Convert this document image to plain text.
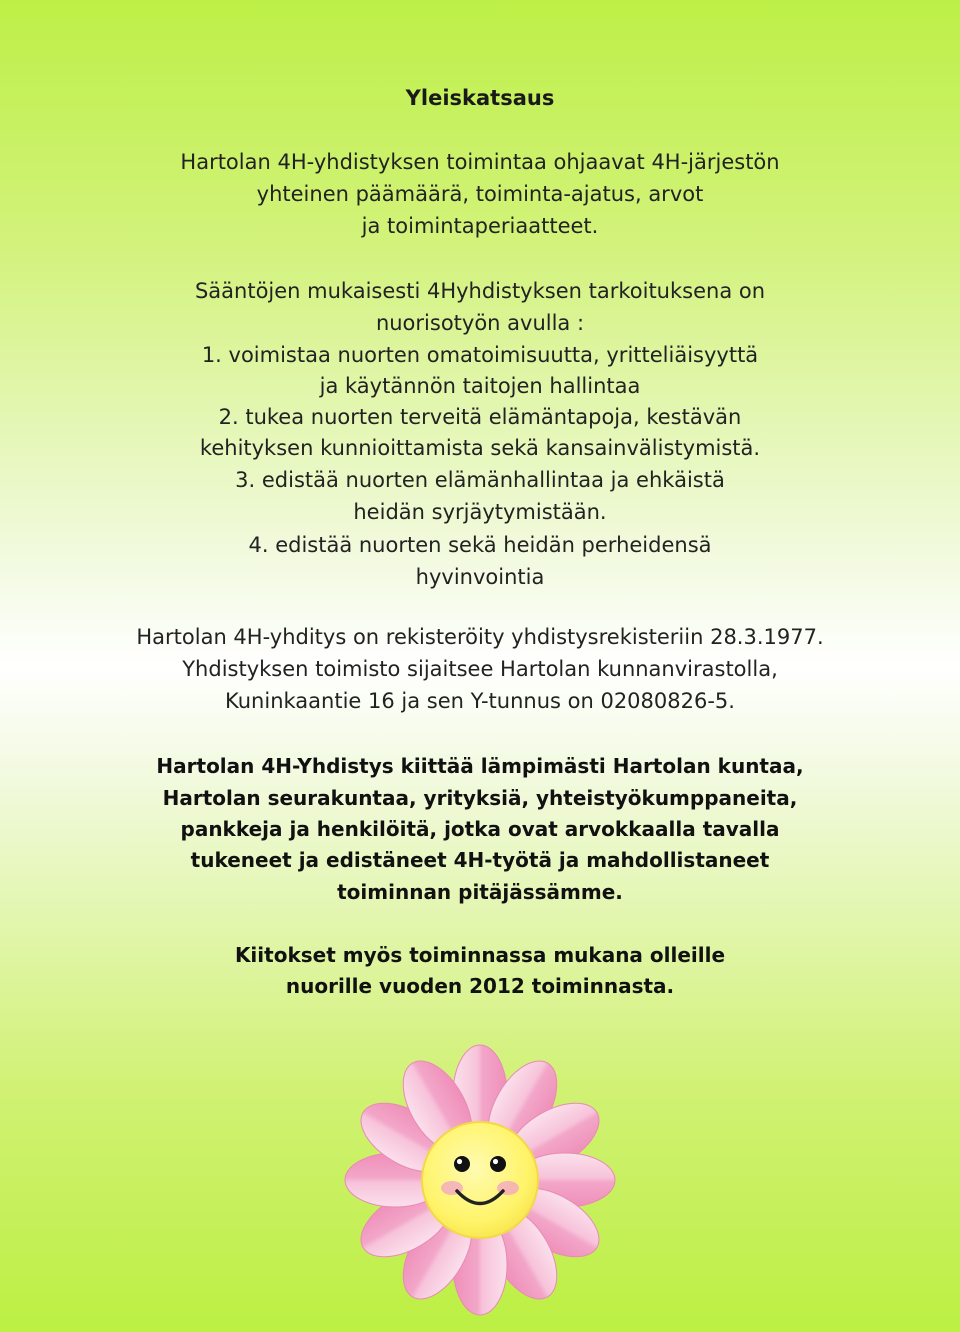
Yleiskatsaus

Hartolan 4H-yhdistyksen toimintaa ohjaavat 4H-järjestön

yhteinen päämäärä, toiminta-ajatus, arvot

ja toimintaperiaatteet.

Sääntöjen mukaisesti 4Hyhdistyksen tarkoituksena on

nuorisotyön avulla :

1. voimistaa nuorten omatoimisuutta, yritteliäisyyttä

ja käytännön taitojen hallintaa

2. tukea nuorten terveitä elämäntapoja, kestävän

kehityksen kunnioittamista sekä kansainvälistymistä.

3. edistää nuorten elämänhallintaa ja ehkäistä

heidän syrjäytymistään.

4. edistää nuorten sekä heidän perheidensä

hyvinvointia

Hartolan 4H-yhditys on rekisteröity yhdistysrekisteriin 28.3.1977.

Yhdistyksen toimisto sijaitsee Hartolan kunnanvirastolla,

Kuninkaantie 16 ja sen Y-tunnus on 02080826-5.

Hartolan 4H-Yhdistys kiittää lämpimästi Hartolan kuntaa,

Hartolan seurakuntaa, yrityksiä, yhteistyökumppaneita,

pankkeja ja henkilöitä, jotka ovat arvokkaalla tavalla

tukeneet ja edistäneet 4H-työtä ja mahdollistaneet

toiminnan pitäjässämme.

Kiitokset myös toiminnassa mukana olleille

nuorille vuoden 2012 toiminnasta.
